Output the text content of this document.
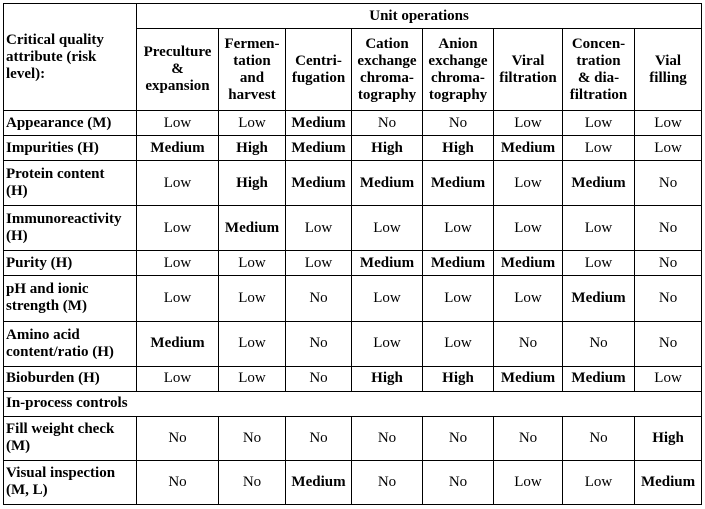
Critical quality
attribute (risk
level):	Unit operations							
	Preculture
&
expansion	Fermen-
tation
and
harvest	Centri-
fugation	Cation
exchange
chroma-
tography	Anion
exchange
chroma-
tography	Viral
filtration	Concen-
tration
& dia-
filtration	Vial
filling
Appearance (M)	Low	Low	Medium	No	No	Low	Low	Low
Impurities (H)	Medium	High	Medium	High	High	Medium	Low	Low
Protein content
(H)	Low	High	Medium	Medium	Medium	Low	Medium	No
Immunoreactivity
(H)	Low	Medium	Low	Low	Low	Low	Low	No
Purity (H)	Low	Low	Low	Medium	Medium	Medium	Low	No
pH and ionic
strength (M)	Low	Low	No	Low	Low	Low	Medium	No
Amino acid
content/ratio (H)	Medium	Low	No	Low	Low	No	No	No
Bioburden (H)	Low	Low	No	High	High	Medium	Medium	Low
In-process controls								
Fill weight check
(M)	No	No	No	No	No	No	No	High
Visual inspection
(M, L)	No	No	Medium	No	No	Low	Low	Medium
